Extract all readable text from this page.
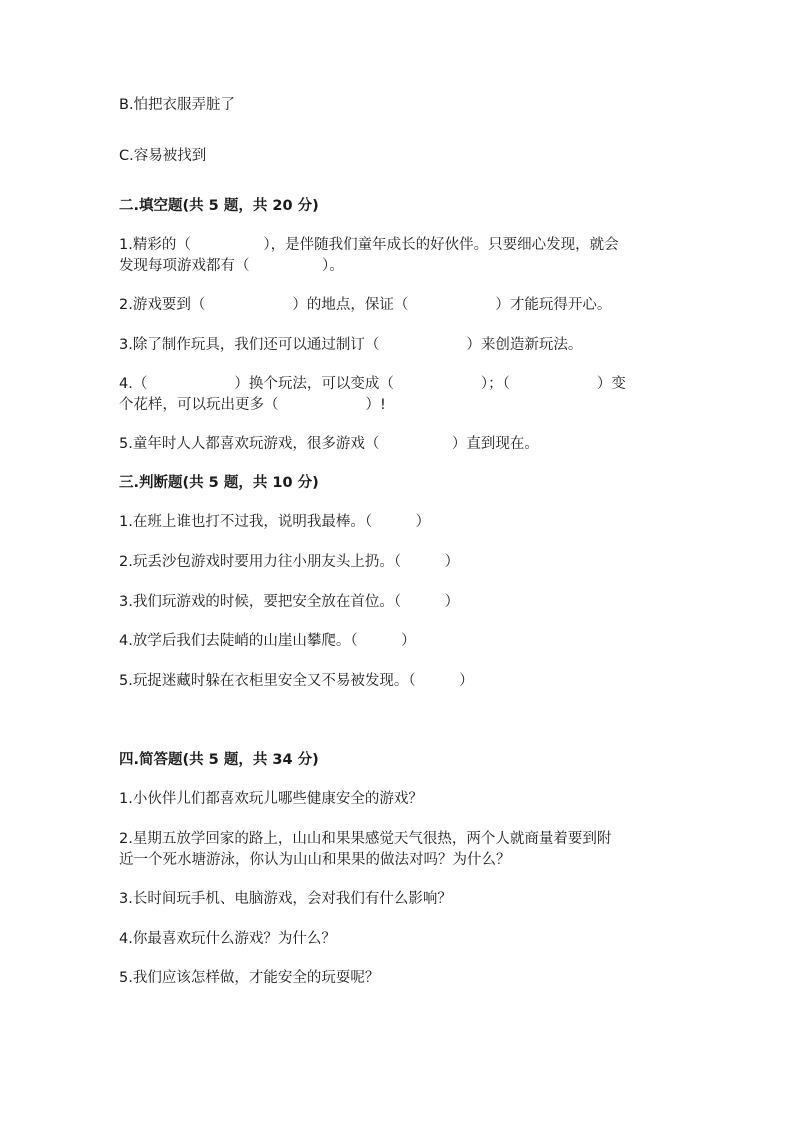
B.怕把衣服弄脏了
C.容易被找到
二.填空题(共 5 题，共 20 分)
1.精彩的（　　　　　），是伴随我们童年成长的好伙伴。只要细心发现，就会
发现每项游戏都有（　　　　　）。
2.游戏要到（　　　　　　）的地点，保证（　　　　　　）才能玩得开心。
3.除了制作玩具，我们还可以通过制订（　　　　　　）来创造新玩法。
4.（　　　　　　）换个玩法，可以变成（　　　　　　）；（　　　　　　）变
个花样，可以玩出更多（　　　　　　）!
5.童年时人人都喜欢玩游戏，很多游戏（　　　　　）直到现在。
三.判断题(共 5 题，共 10 分)
1.在班上谁也打不过我，说明我最棒。（　　　）
2.玩丢沙包游戏时要用力往小朋友头上扔。（　　　）
3.我们玩游戏的时候，要把安全放在首位。（　　　）
4.放学后我们去陡峭的山崖山攀爬。（　　　）
5.玩捉迷藏时躲在衣柜里安全又不易被发现。（　　　）
四.简答题(共 5 题，共 34 分)
1.小伙伴儿们都喜欢玩儿哪些健康安全的游戏？
2.星期五放学回家的路上，山山和果果感觉天气很热，两个人就商量着要到附
近一个死水塘游泳，你认为山山和果果的做法对吗？为什么？
3.长时间玩手机、电脑游戏，会对我们有什么影响？
4.你最喜欢玩什么游戏？为什么？
5.我们应该怎样做，才能安全的玩耍呢？
